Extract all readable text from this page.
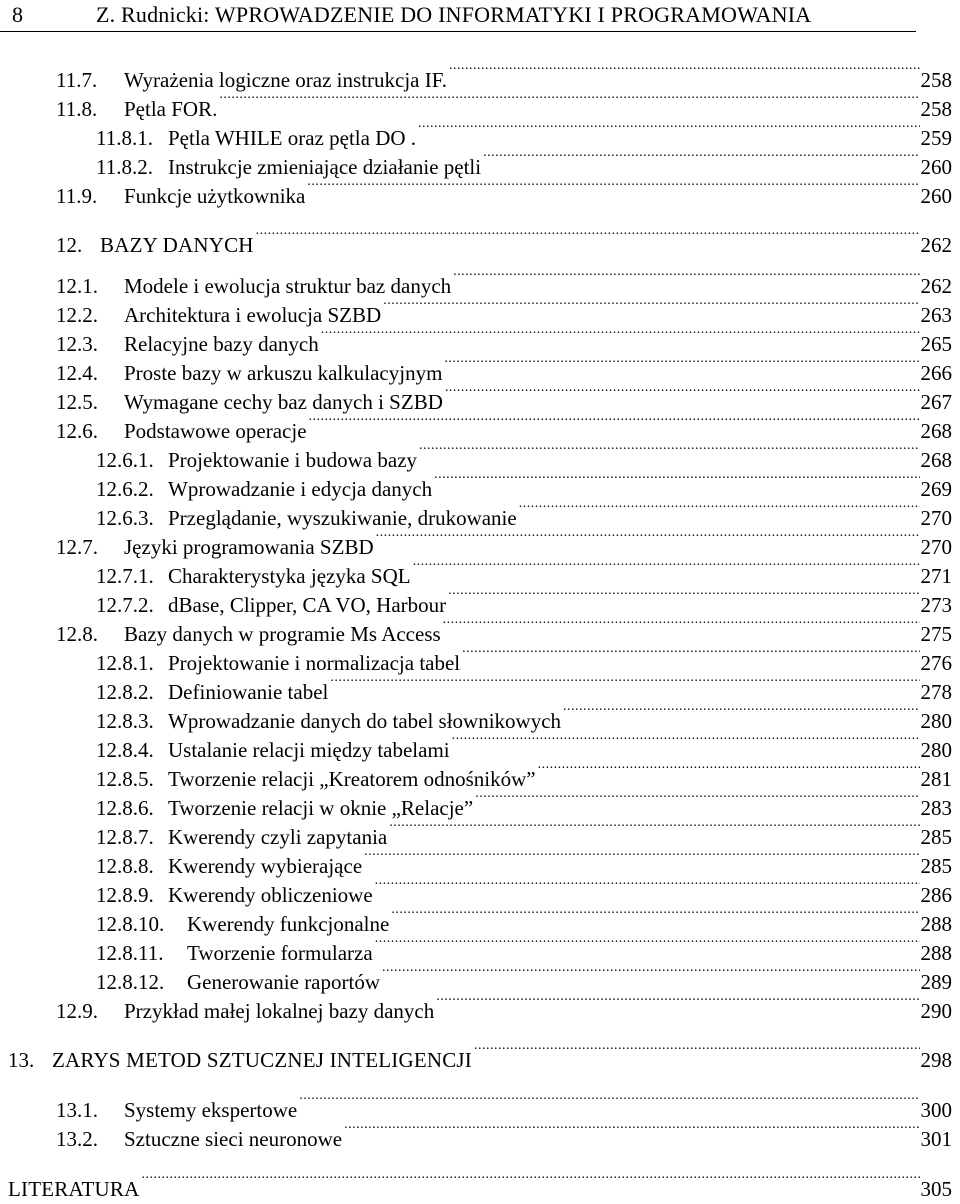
8	Z. Rudnicki: WPROWADZENIE DO INFORMATYKI I PROGRAMOWANIA
11.7.	Wyrażenia logiczne oraz instrukcja IF. .....	258
11.8.	Pętla FOR. .....	258
11.8.1. Pętla WHILE oraz pętla DO . .....	259
11.8.2. Instrukcje zmieniające działanie pętli .....	260
11.9.	Funkcje użytkownika .....	260
12. BAZY DANYCH .....	262
12.1.	Modele i ewolucja struktur baz danych .....	262
12.2.	Architektura i ewolucja SZBD .....	263
12.3.	Relacyjne bazy danych .....	265
12.4.	Proste bazy w arkuszu kalkulacyjnym .....	266
12.5.	Wymagane cechy baz danych i SZBD .....	267
12.6.	Podstawowe operacje .....	268
12.6.1. Projektowanie i budowa bazy .....	268
12.6.2. Wprowadzanie i edycja danych .....	269
12.6.3. Przeglądanie, wyszukiwanie, drukowanie .....	270
12.7.	Języki programowania SZBD .....	270
12.7.1. Charakterystyka języka SQL .....	271
12.7.2. dBase, Clipper, CA VO, Harbour .....	273
12.8.	Bazy danych w programie Ms Access .....	275
12.8.1. Projektowanie i normalizacja tabel .....	276
12.8.2. Definiowanie tabel .....	278
12.8.3. Wprowadzanie danych do tabel słownikowych .....	280
12.8.4. Ustalanie relacji między tabelami .....	280
12.8.5. Tworzenie relacji „Kreatorem odnośników” .....	281
12.8.6. Tworzenie relacji w oknie „Relacje” .....	283
12.8.7. Kwerendy czyli zapytania .....	285
12.8.8. Kwerendy wybierające .....	285
12.8.9. Kwerendy obliczeniowe .....	286
12.8.10.	Kwerendy funkcjonalne .....	288
12.8.11.	Tworzenie formularza .....	288
12.8.12.	Generowanie raportów .....	289
12.9.	Przykład małej lokalnej bazy danych .....	290
13. ZARYS METOD SZTUCZNEJ INTELIGENCJI .....	298
13.1.	Systemy ekspertowe .....	300
13.2.	Sztuczne sieci neuronowe .....	301
LITERATURA .....	305
